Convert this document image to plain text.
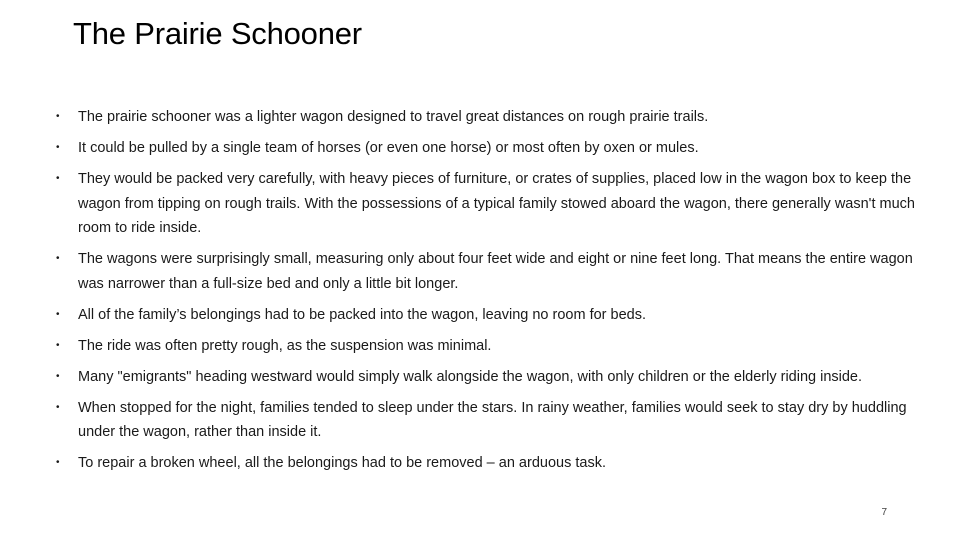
The Prairie Schooner
• The prairie schooner was a lighter wagon designed to travel great distances on rough prairie trails.
• It could be pulled by a single team of horses (or even one horse) or most often by oxen or mules.
• They would be packed very carefully, with heavy pieces of furniture, or crates of supplies, placed low in the wagon box to keep the wagon from tipping on rough trails. With the possessions of a typical family stowed aboard the wagon, there generally wasn't much room to ride inside.
• The wagons were surprisingly small, measuring only about four feet wide and eight or nine feet long. That means the entire wagon was narrower than a full-size bed and only a little bit longer.
• All of the family’s belongings had to be packed into the wagon, leaving no room for beds.
• The ride was often pretty rough, as the suspension was minimal.
• Many "emigrants" heading westward would simply walk alongside the wagon, with only children or the elderly riding inside.
• When stopped for the night, families tended to sleep under the stars. In rainy weather, families would seek to stay dry by huddling under the wagon, rather than inside it.
• To repair a broken wheel, all the belongings had to be removed – an arduous task.
7
